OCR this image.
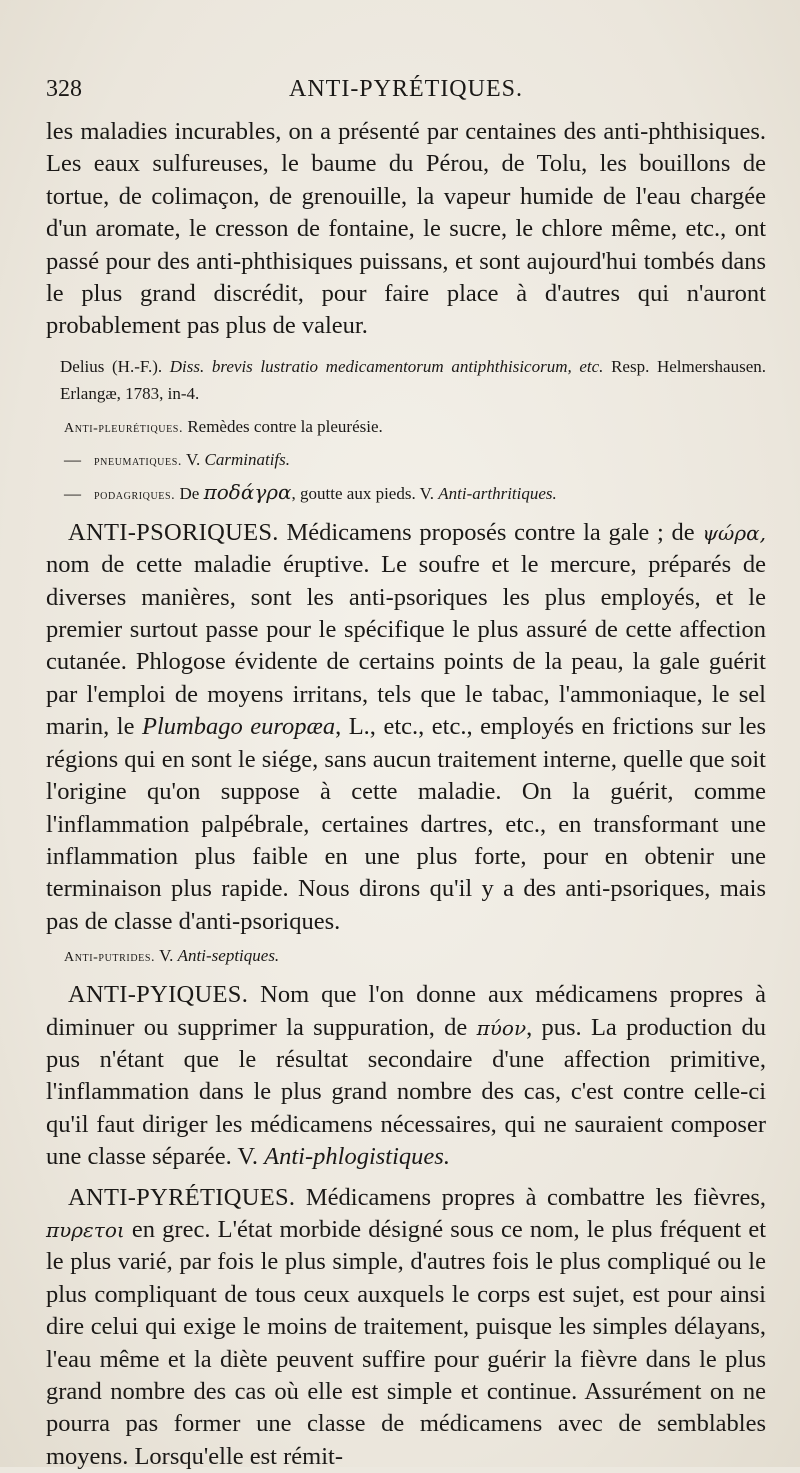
328	ANTI-PYRÉTIQUES.

les maladies incurables, on a présenté par centaines des anti-phthisiques. Les eaux sulfureuses, le baume du Pérou, de Tolu, les bouillons de tortue, de colimaçon, de grenouille, la vapeur humide de l'eau chargée d'un aromate, le cresson de fontaine, le sucre, le chlore même, etc., ont passé pour des anti-phthisiques puissans, et sont aujourd'hui tombés dans le plus grand discrédit, pour faire place à d'autres qui n'auront probablement pas plus de valeur.

Delius (H.-F.). Diss. brevis lustratio medicamentorum antiphthisicorum, etc. Resp. Helmershausen. Erlangæ, 1783, in-4.
Anti-pleurétiques. Remèdes contre la pleurésie.
— pneumatiques. V. Carminatifs.
— podagriques. De ποδάγρα, goutte aux pieds. V. Anti-arthritiques.

ANTI-PSORIQUES. Médicamens proposés contre la gale ; de ψώρα, nom de cette maladie éruptive. Le soufre et le mercure, préparés de diverses manières, sont les anti-psoriques les plus employés, et le premier surtout passe pour le spécifique le plus assuré de cette affection cutanée. Phlogose évidente de certains points de la peau, la gale guérit par l'emploi de moyens irritans, tels que le tabac, l'ammoniaque, le sel marin, le Plumbago europæa, L., etc., etc., employés en frictions sur les régions qui en sont le siége, sans aucun traitement interne, quelle que soit l'origine qu'on suppose à cette maladie. On la guérit, comme l'inflammation palpébrale, certaines dartres, etc., en transformant une inflammation plus faible en une plus forte, pour en obtenir une terminaison plus rapide. Nous dirons qu'il y a des anti-psoriques, mais pas de classe d'anti-psoriques.

Anti-putrides. V. Anti-septiques.

ANTI-PYIQUES. Nom que l'on donne aux médicamens propres à diminuer ou supprimer la suppuration, de πύον, pus. La production du pus n'étant que le résultat secondaire d'une affection primitive, l'inflammation dans le plus grand nombre des cas, c'est contre celle-ci qu'il faut diriger les médicamens nécessaires, qui ne sauraient composer une classe séparée. V. Anti-phlogistiques.

ANTI-PYRÉTIQUES. Médicamens propres à combattre les fièvres, πυρετοι en grec. L'état morbide désigné sous ce nom, le plus fréquent et le plus varié, par fois le plus simple, d'autres fois le plus compliqué ou le plus compliquant de tous ceux auxquels le corps est sujet, est pour ainsi dire celui qui exige le moins de traitement, puisque les simples délayans, l'eau même et la diète peuvent suffire pour guérir la fièvre dans le plus grand nombre des cas où elle est simple et continue. Assurément on ne pourra pas former une classe de médicamens avec de semblables moyens. Lorsqu'elle est rémit-
